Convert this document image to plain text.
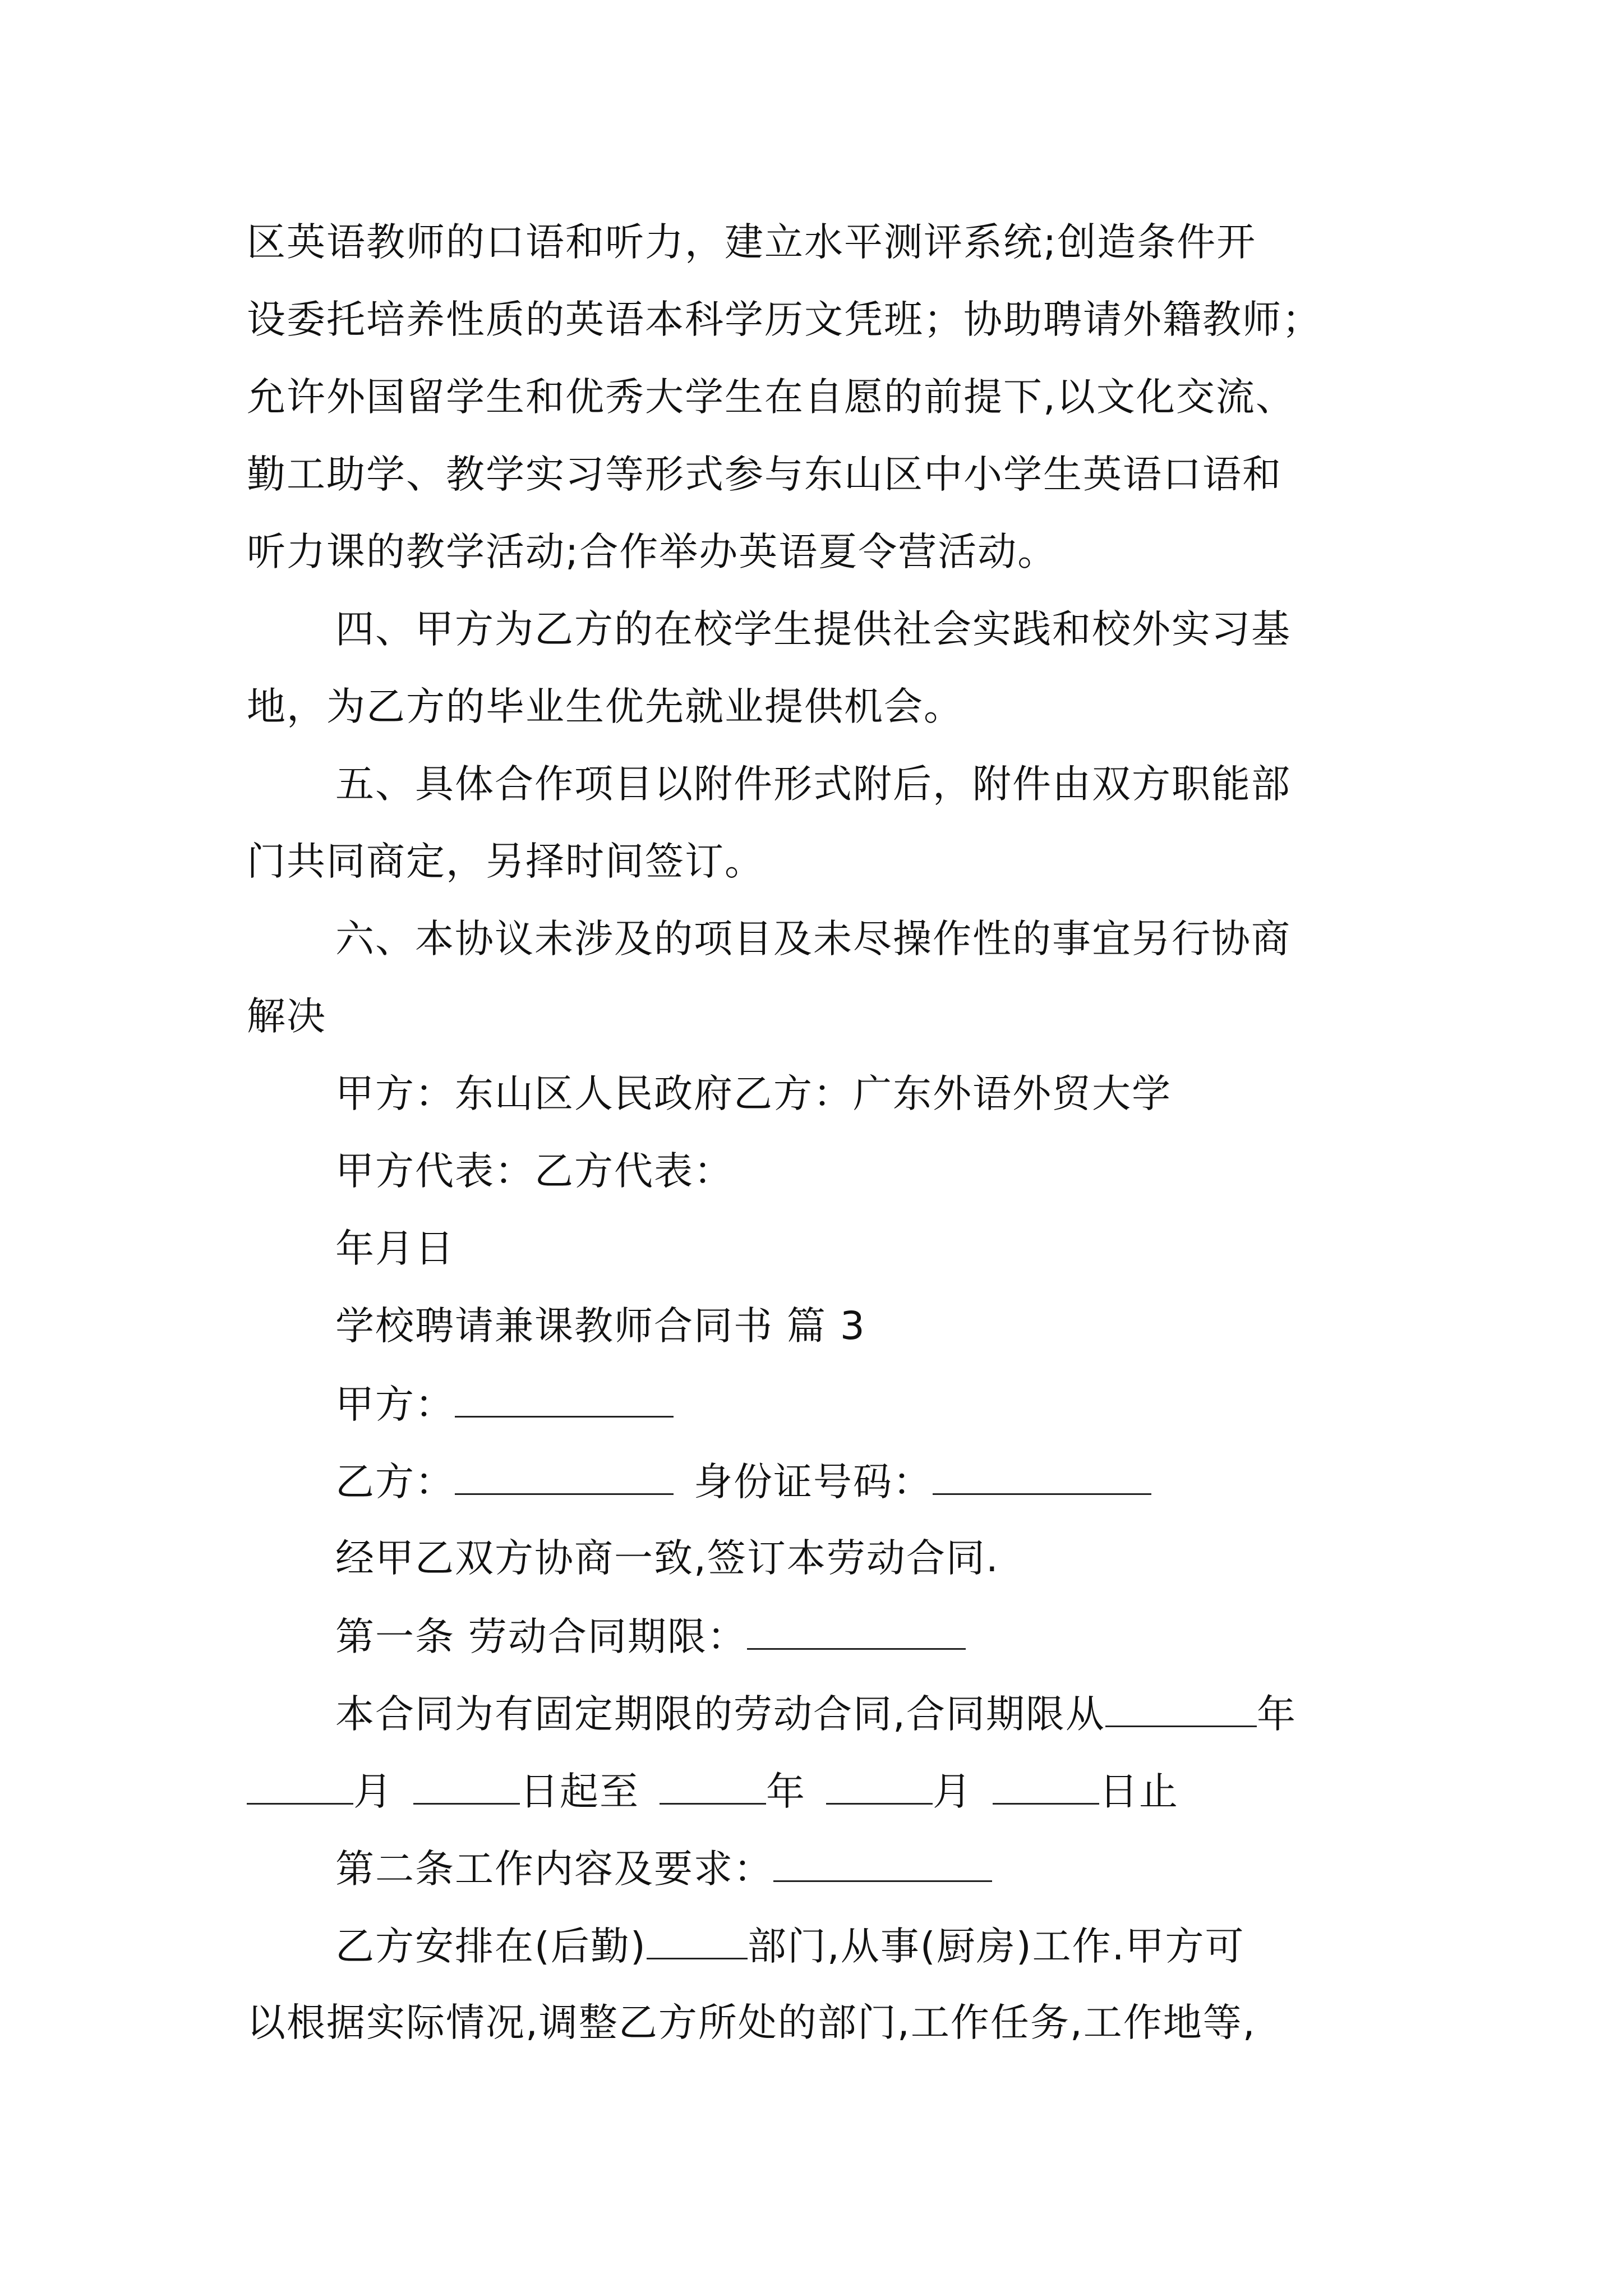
区英语教师的口语和听力，建立水平测评系统;创造条件开
设委托培养性质的英语本科学历文凭班；协助聘请外籍教师；
允许外国留学生和优秀大学生在自愿的前提下,以文化交流、
勤工助学、教学实习等形式参与东山区中小学生英语口语和
听力课的教学活动;合作举办英语夏令营活动。
四、甲方为乙方的在校学生提供社会实践和校外实习基
地，为乙方的毕业生优先就业提供机会。
五、具体合作项目以附件形式附后，附件由双方职能部
门共同商定，另择时间签订。
六、本协议未涉及的项目及未尽操作性的事宜另行协商
解决
甲方：东山区人民政府乙方：广东外语外贸大学
甲方代表：乙方代表：
年月日
学校聘请兼课教师合同书 篇 3
甲方：
乙方：	身份证号码：
经甲乙双方协商一致,签订本劳动合同.
第一条 劳动合同期限：
本合同为有固定期限的劳动合同,合同期限从	年
月	日起至	年	月	日止
第二条工作内容及要求：
乙方安排在(后勤)	部门,从事(厨房)工作.甲方可
以根据实际情况,调整乙方所处的部门,工作任务,工作地等,
